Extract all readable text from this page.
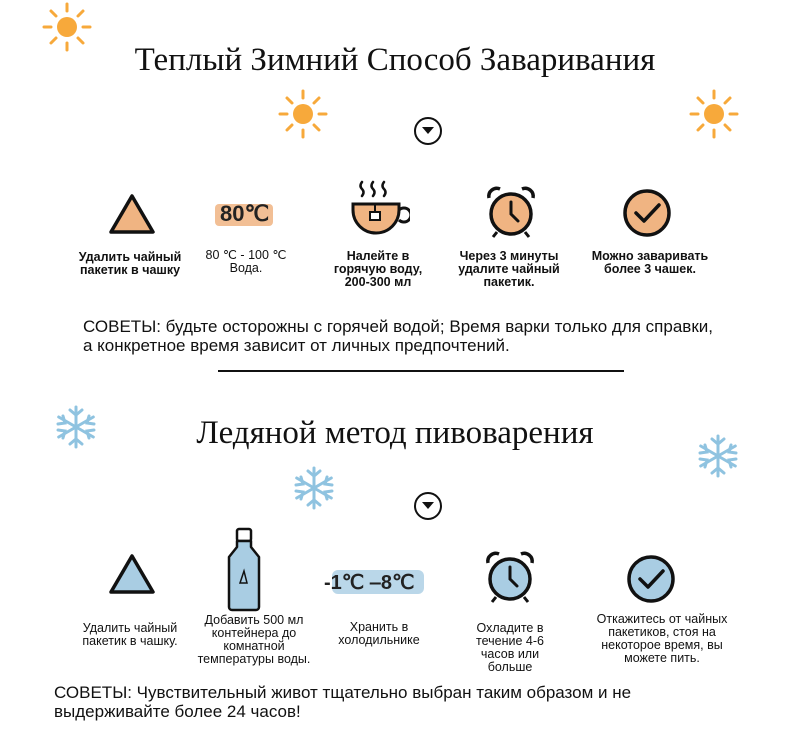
Теплый Зимний Способ Заваривания
80℃
Удалить чайный пакетик в чашку
80 ℃ - 100 ℃ Вода.
Налейте в горячую воду, 200-300 мл
Через 3 минуты удалите чайный пакетик.
Можно заваривать более 3 чашек.
СОВЕТЫ: будьте осторожны с горячей водой; Время варки только для справки, а конкретное время зависит от личных предпочтений.
Ледяной метод пивоварения
-1℃ ‒8℃
Удалить чайный пакетик в чашку.
Добавить 500 мл контейнера до комнатной температуры воды.
Хранить в холодильнике
Охладите в течение 4-6 часов или больше
Откажитесь от чайных пакетиков, стоя на некоторое время, вы можете пить.
СОВЕТЫ: Чувствительный живот тщательно выбран таким образом и не выдерживайте более 24 часов!
